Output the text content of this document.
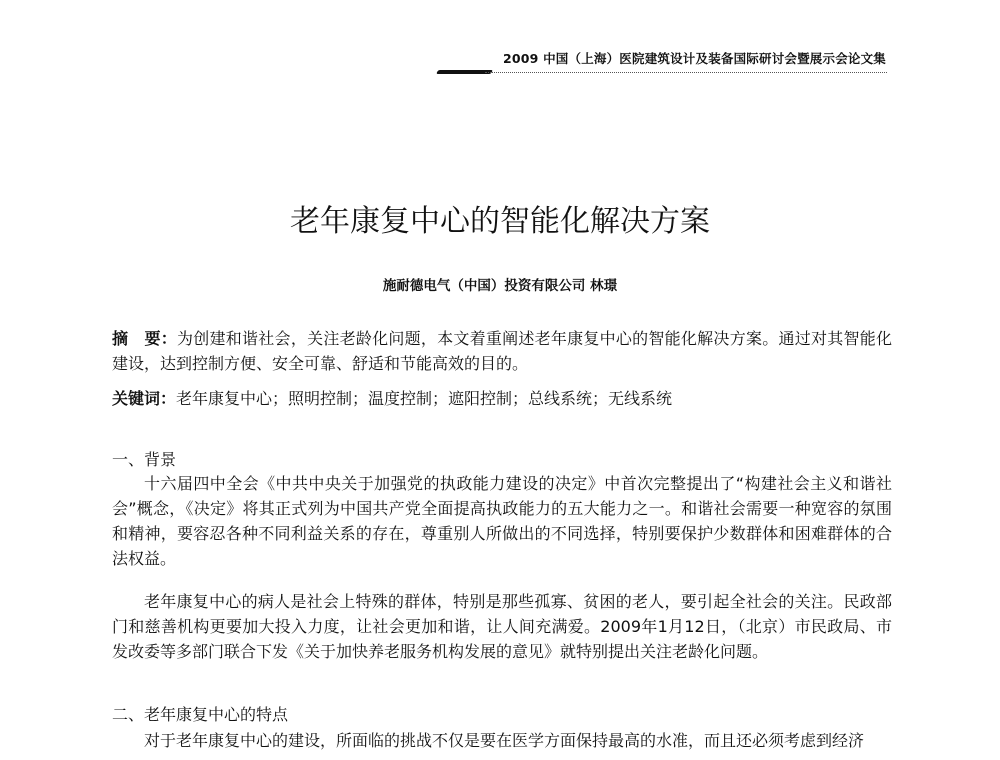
2009 中国（上海）医院建筑设计及装备国际研讨会暨展示会论文集
老年康复中心的智能化解决方案
施耐德电气（中国）投资有限公司 林璟
摘　要：为创建和谐社会，关注老龄化问题，本文着重阐述老年康复中心的智能化解决方案。通过对其智能化建设，达到控制方便、安全可靠、舒适和节能高效的目的。
关键词：老年康复中心；照明控制；温度控制；遮阳控制；总线系统；无线系统
一、背景
十六届四中全会《中共中央关于加强党的执政能力建设的决定》中首次完整提出了“构建社会主义和谐社会”概念，《决定》将其正式列为中国共产党全面提高执政能力的五大能力之一。和谐社会需要一种宽容的氛围和精神，要容忍各种不同利益关系的存在，尊重别人所做出的不同选择，特别要保护少数群体和困难群体的合法权益。
老年康复中心的病人是社会上特殊的群体，特别是那些孤寡、贫困的老人，要引起全社会的关注。民政部门和慈善机构更要加大投入力度，让社会更加和谐，让人间充满爱。2009年1月12日，（北京）市民政局、市发改委等多部门联合下发《关于加快养老服务机构发展的意见》就特别提出关注老龄化问题。
二、老年康复中心的特点
对于老年康复中心的建设，所面临的挑战不仅是要在医学方面保持最高的水准，而且还必须考虑到经济
